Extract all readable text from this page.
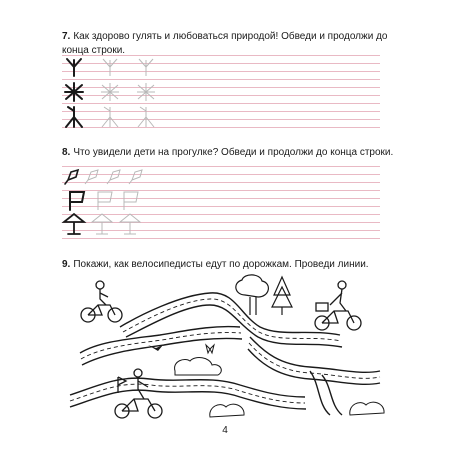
7. Как здорово гулять и любоваться природой! Обведи и продолжи до конца строки.
8. Что увидели дети на прогулке? Обведи и продолжи до конца строки.
9. Покажи, как велосипедисты едут по дорожкам. Проведи линии.
4
